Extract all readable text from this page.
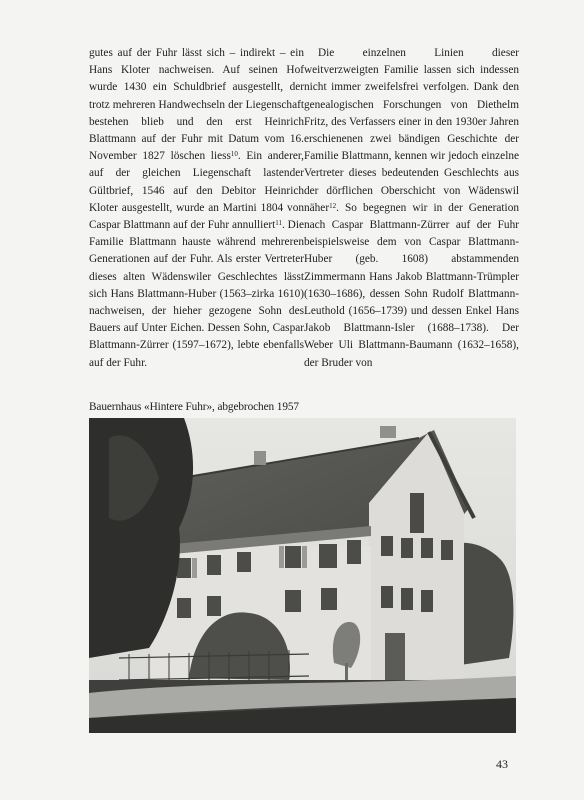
gutes auf der Fuhr lässt sich – indirekt – ein Hans Kloter nachweisen. Auf seinen Hof wurde 1430 ein Schuldbrief ausgestellt, der trotz mehreren Handwechseln der Liegenschaft bestehen blieb und den erst Heinrich Blattmann auf der Fuhr mit Datum vom 16. November 1827 löschen liess$^{10}$. Ein anderer, auf der gleichen Liegenschaft lastender Gültbrief, 1546 auf den Debitor Heinrich Kloter ausgestellt, wurde an Martini 1804 von Caspar Blattmann auf der Fuhr annulliert$^{11}$. Die Familie Blattmann hauste während mehreren Generationen auf der Fuhr. Als erster Vertreter dieses alten Wädenswiler Geschlechtes lässt sich Hans Blattmann-Huber (1563–zirka 1610) nachweisen, der hieher gezogene Sohn des Bauers auf Unter Eichen. Dessen Sohn, Caspar Blattmann-Zürrer (1597–1672), lebte ebenfalls auf der Fuhr.

Die einzelnen Linien dieser weitverzweigten Familie lassen sich indessen nicht immer zweifelsfrei verfolgen. Dank den genealogischen Forschungen von Diethelm Fritz, des Verfassers einer in den 1930er Jahren erschienenen zwei bändigen Geschichte der Familie Blattmann, kennen wir jedoch einzelne Vertreter dieses bedeutenden Geschlechts aus der dörflichen Oberschicht von Wädenswil näher$^{12}$. So begegnen wir in der Generation nach Caspar Blattmann-Zürrer auf der Fuhr beispielsweise dem von Caspar Blattmann-Huber (geb. 1608) abstammenden Zimmermann Hans Jakob Blattmann-Trümpler (1630–1686), dessen Sohn Rudolf Blattmann-Leuthold (1656–1739) und dessen Enkel Hans Jakob Blattmann-Isler (1688–1738). Der Weber Uli Blattmann-Baumann (1632–1658), der Bruder von

Bauernhaus «Hintere Fuhr», abgebrochen 1957
43
